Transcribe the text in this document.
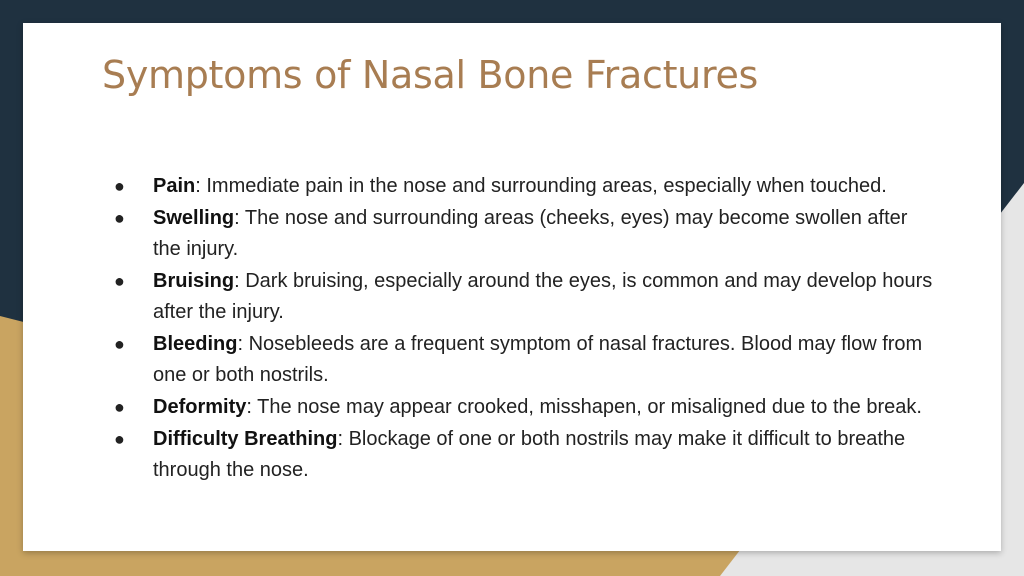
Symptoms of Nasal Bone Fractures
● Pain: Immediate pain in the nose and surrounding areas, especially when touched.
● Swelling: The nose and surrounding areas (cheeks, eyes) may become swollen after the injury.
● Bruising: Dark bruising, especially around the eyes, is common and may develop hours after the injury.
● Bleeding: Nosebleeds are a frequent symptom of nasal fractures. Blood may flow from one or both nostrils.
● Deformity: The nose may appear crooked, misshapen, or misaligned due to the break.
● Difficulty Breathing: Blockage of one or both nostrils may make it difficult to breathe through the nose.
